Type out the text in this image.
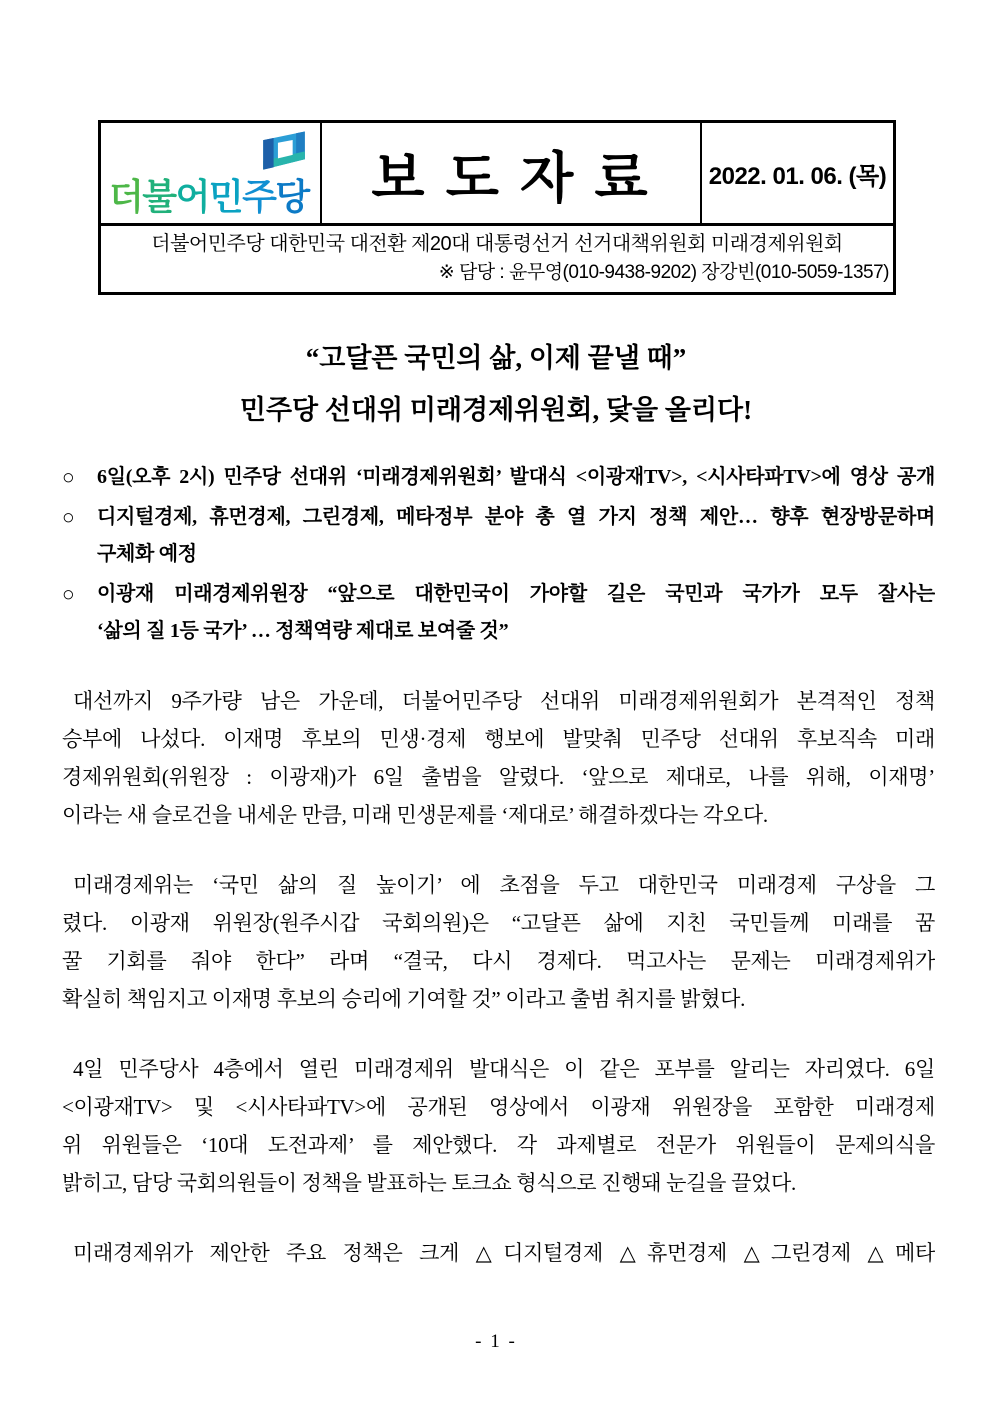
더불어민주당 보 도 자 료 2022. 01. 06. (목)
더불어민주당 대한민국 대전환 제20대 대통령선거 선거대책위원회 미래경제위원회
※ 담당 : 윤무영(010-9438-9202) 장강빈(010-5059-1357)
“고달픈 국민의 삶, 이제 끝낼 때”
민주당 선대위 미래경제위원회, 닻을 올리다!
○	6일(오후 2시) 민주당 선대위 ‘미래경제위원회’ 발대식 <이광재TV>, <시사타파TV>에 영상 공개
○	디지털경제, 휴먼경제, 그린경제, 메타정부 분야 총 열 가지 정책 제안… 향후 현장방문하며
구체화 예정
○	이광재 미래경제위원장 “앞으로 대한민국이 가야할 길은 국민과 국가가 모두 잘사는
‘삶의 질 1등 국가’ … 정책역량 제대로 보여줄 것”
대선까지 9주가량 남은 가운데, 더불어민주당 선대위 미래경제위원회가 본격적인 정책
승부에 나섰다. 이재명 후보의 민생·경제 행보에 발맞춰 민주당 선대위 후보직속 미래
경제위원회(위원장 : 이광재)가 6일 출범을 알렸다. ‘앞으로 제대로, 나를 위해, 이재명’
이라는 새 슬로건을 내세운 만큼, 미래 민생문제를 ‘제대로’ 해결하겠다는 각오다.
미래경제위는 ‘국민 삶의 질 높이기’ 에 초점을 두고 대한민국 미래경제 구상을 그
렸다. 이광재 위원장(원주시갑 국회의원)은 “고달픈 삶에 지친 국민들께 미래를 꿈
꿀 기회를 줘야 한다” 라며 “결국, 다시 경제다. 먹고사는 문제는 미래경제위가
확실히 책임지고 이재명 후보의 승리에 기여할 것” 이라고 출범 취지를 밝혔다.
4일 민주당사 4층에서 열린 미래경제위 발대식은 이 같은 포부를 알리는 자리였다. 6일
<이광재TV> 및 <시사타파TV>에 공개된 영상에서 이광재 위원장을 포함한 미래경제
위 위원들은 ‘10대 도전과제’ 를 제안했다. 각 과제별로 전문가 위원들이 문제의식을
밝히고, 담당 국회의원들이 정책을 발표하는 토크쇼 형식으로 진행돼 눈길을 끌었다.
미래경제위가 제안한 주요 정책은 크게 △디지털경제 △휴먼경제 △그린경제 △메타
- 1 -
